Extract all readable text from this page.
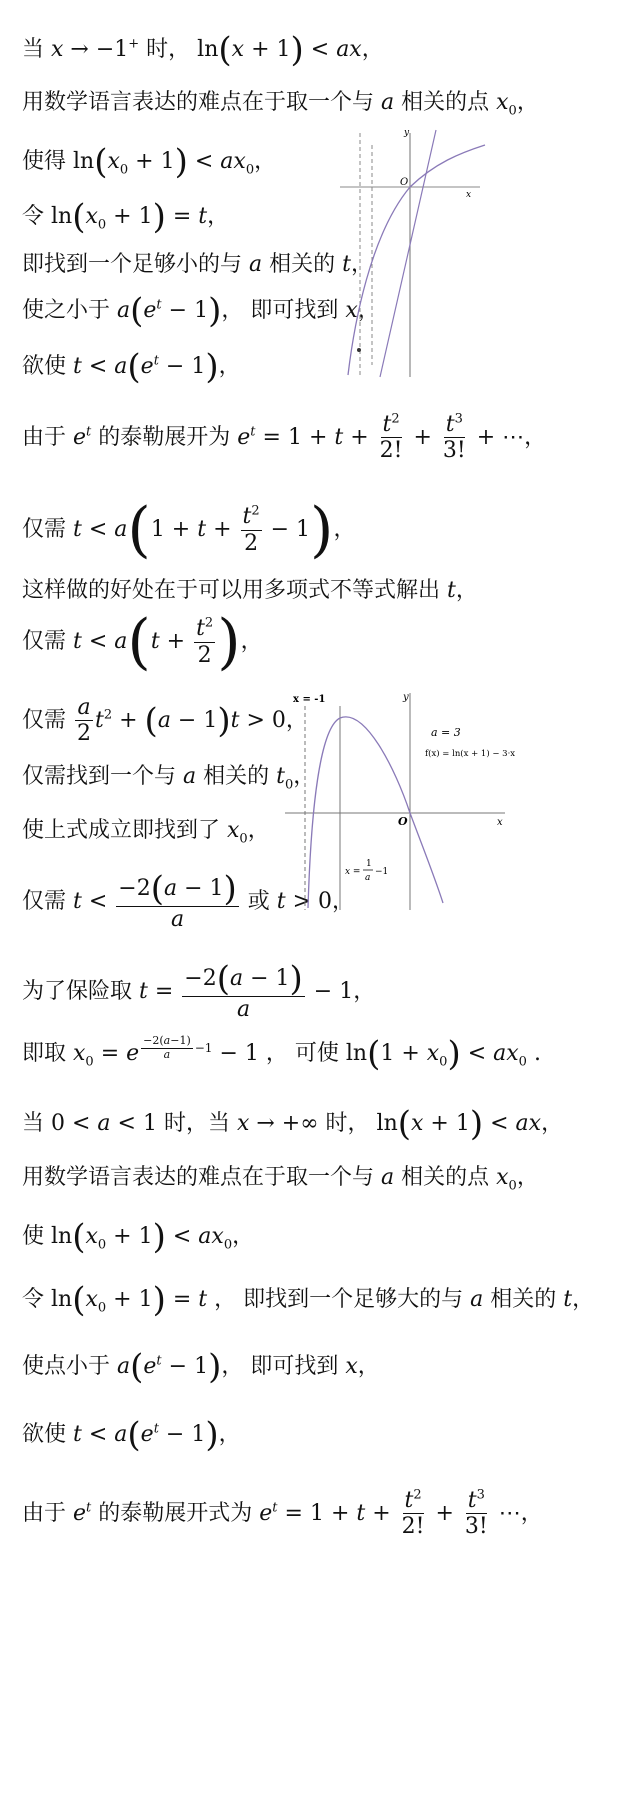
当 x → −1+ 时， ln(x + 1) < ax，
用数学语言表达的难点在于取一个与 a 相关的点 $x_0$，
使得 $\ln(x_0 + 1) < ax_0$，
令 $\ln(x_0 + 1) = t$，
即找到一个足够小的与 a 相关的 t，
使之小于 $a(e^t - 1)$， 即可找到 x，
欲使 $t < a(e^t - 1)$，
O
y
x
由于 $e^t$ 的泰勒展开为 $e^t = 1 + t + \frac{t^2}{2!} + \frac{t^3}{3!}$ + ⋯，
仅需 $t < a(1 + t + \frac{t^2}{2} - 1)$，
这样做的好处在于可以用多项式不等式解出 t，
仅需 $t < a(t + \frac{t^2}{2}$ )，
仅需 $\frac{a}{2} t^2 + (a - 1)t > 0$，
仅需找到一个与 a 相关的 $t_0$，
使上式成立即找到了 $x_0$，
仅需 $t < \frac{-2(a - 1)}{a}$ 或 t > 0，
x = -1	y
x
O
a = 3
f(x) = ln(x + 1) − 3·x
x =
1
a
−1
为了保险取 $t = \frac{-2(a - 1)}{a} - 1$，
即取 $x_0 = e$ $^{\frac{-2(a-1)}{a} -1}$ − 1 ， 可使 $\ln(1 + x_0) < ax_0$ .
当 0 < a < 1 时，当 x → +∞ 时， ln(x + 1) < ax，
用数学语言表达的难点在于取一个与 a 相关的点 $x_0$，
使 $\ln(x_0 + 1) < ax_0$，
令 $\ln(x_0 + 1) = t$ ， 即找到一个足够大的与 a 相关的 t，
使点小于 $a(e^t - 1)$， 即可找到 x，
欲使 $t < a(e^t - 1)$，
由于 $e^t$ 的泰勒展开式为 $e^t = 1 + t + \frac{t^2}{2!} + \frac{t^3}{3!}$ ⋯，
